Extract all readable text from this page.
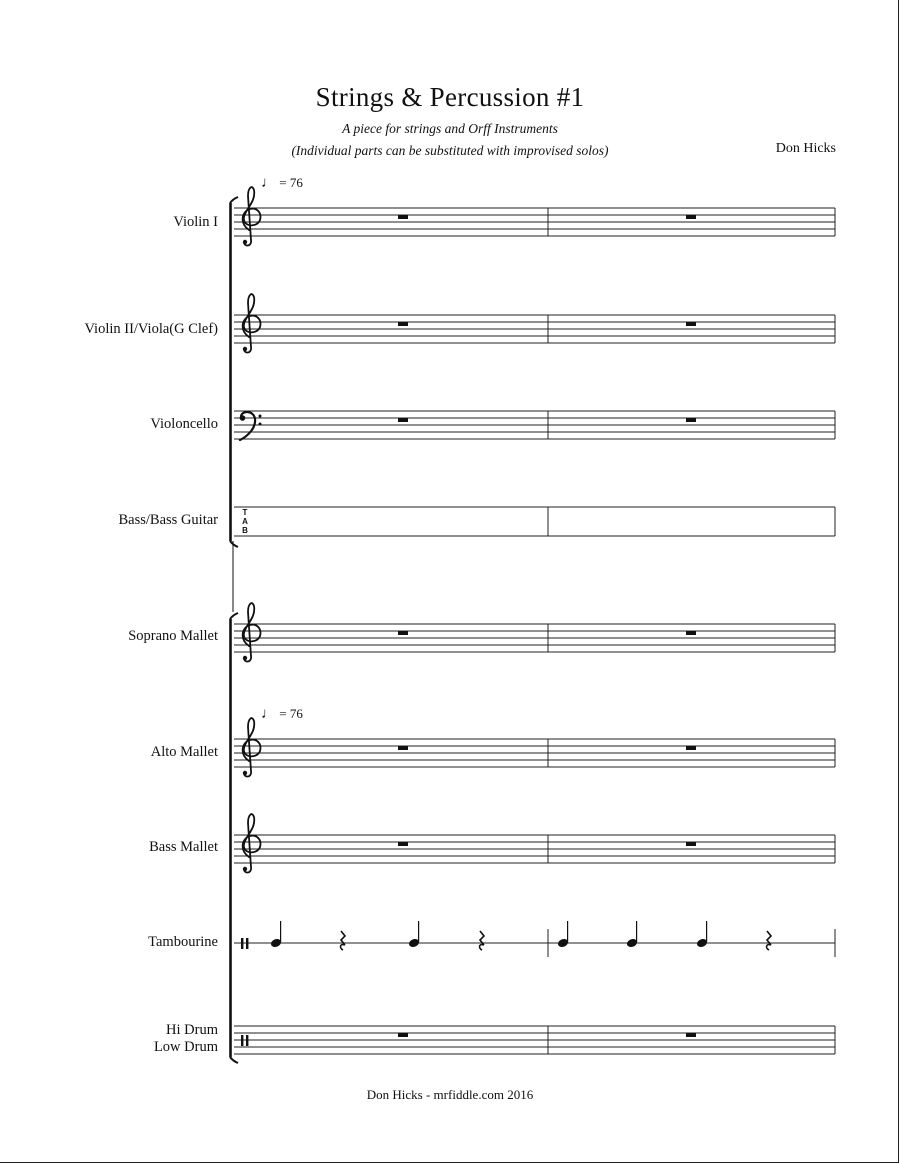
Strings & Percussion #1
A piece for strings and Orff Instruments
(Individual parts can be substituted with improvised solos)	Don Hicks
♩ = 76
♩ = 76
Violin I
Violin II/Viola(G Clef)
Violoncello
Bass/Bass Guitar
Soprano Mallet
Alto Mallet
Bass Mallet
Tambourine
Hi Drum
Low Drum
T
A
B
Don Hicks - mrfiddle.com 2016
